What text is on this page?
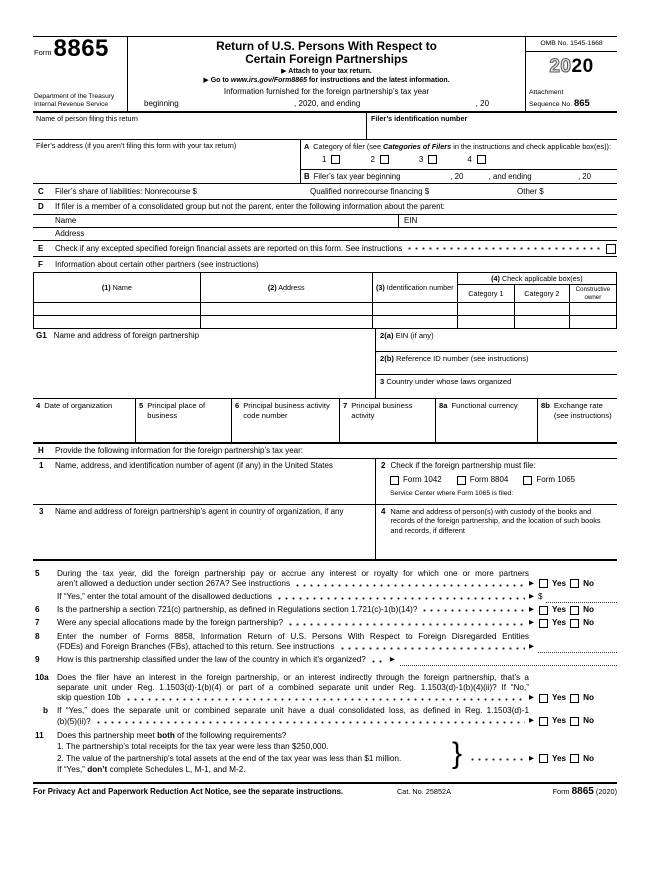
Form 8865
Department of the Treasury
Internal Revenue Service
Return of U.S. Persons With Respect to
Certain Foreign Partnerships
▶ Attach to your tax return.
▶ Go to www.irs.gov/Form8865 for instructions and the latest information.
Information furnished for the foreign partnership’s tax year
beginning	, 2020, and ending	, 20
OMB No. 1545-1668
2020
Attachment
Sequence No. 865
Name of person filing this return	Filer’s identification number
Filer’s address (if you aren’t filing this form with your tax return)	A Category of filer (see Categories of Filers in the instructions and check applicable box(es)):
1	2	3	4
B Filer’s tax year beginning	, 20	, and ending	, 20
C	Filer’s share of liabilities: Nonrecourse $	Qualified nonrecourse financing $	Other $
D	If filer is a member of a consolidated group but not the parent, enter the following information about the parent:
Name	EIN
Address
E	Check if any excepted specified foreign financial assets are reported on this form. See instructions
F	Information about certain other partners (see instructions)
(1) Name	(2) Address	(3) Identification number	(4) Check applicable box(es)		
			Category 1	Category 2	Constructive owner

G1 Name and address of foreign partnership	2(a) EIN (if any)
2(b) Reference ID number (see instructions)
3 Country under whose laws organized
4 Date of organization	5 Principal place of business
6 Principal business activity code number
7 Principal business activity
8a Functional currency	8b Exchange rate (see instructions)
H	Provide the following information for the foreign partnership’s tax year:
1	Name, address, and identification number of agent (if any) in the United States	2 Check if the foreign partnership must file:
Form 1042	Form 8804	Form 1065
Service Center where Form 1065 is filed:
3	Name and address of foreign partnership’s agent in country of organization, if any	4 Name and address of person(s) with custody of the books and records of the foreign partnership, and the location of such books and records, if different
5	During the tax year, did the foreign partnership pay or accrue any interest or royalty for which one or more partners
aren’t allowed a deduction under section 267A? See instructions	▶ Yes No
If “Yes,” enter the total amount of the disallowed deductions	▶ $
6	Is the partnership a section 721(c) partnership, as defined in Regulations section 1.721(c)-1(b)(14)?	▶ Yes No
7	Were any special allocations made by the foreign partnership?	▶ Yes No
8	Enter the number of Forms 8858, Information Return of U.S. Persons With Respect to Foreign Disregarded Entities
(FDEs) and Foreign Branches (FBs), attached to this return. See instructions	▶
9	How is this partnership classified under the law of the country in which it’s organized?	▶
10a	Does the filer have an interest in the foreign partnership, or an interest indirectly through the foreign partnership, that’s a
separate unit under Reg. 1.1503(d)-1(b)(4) or part of a combined separate unit under Reg. 1.1503(d)-1(b)(4)(ii)? If “No,”
skip question 10b	▶ Yes No
b	If “Yes,” does the separate unit or combined separate unit have a dual consolidated loss, as defined in Reg. 1.1503(d)-1
(b)(5)(ii)?	▶ Yes No
11	Does this partnership meet both of the following requirements?
1. The partnership’s total receipts for the tax year were less than $250,000.
2. The value of the partnership’s total assets at the end of the tax year was less than $1 million.
If “Yes,” don’t complete Schedules L, M-1, and M-2.
}	▶ Yes No
For Privacy Act and Paperwork Reduction Act Notice, see the separate instructions.	Cat. No. 25852A	Form 8865 (2020)
